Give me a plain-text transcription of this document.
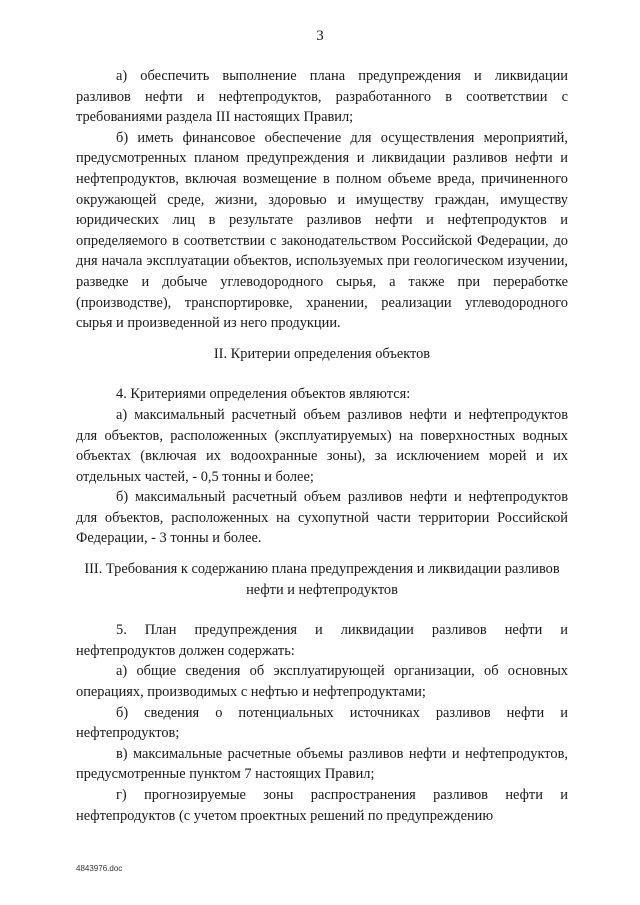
3

а) обеспечить выполнение плана предупреждения и ликвидации разливов нефти и нефтепродуктов, разработанного в соответствии с требованиями раздела III настоящих Правил;

б) иметь финансовое обеспечение для осуществления мероприятий, предусмотренных планом предупреждения и ликвидации разливов нефти и нефтепродуктов, включая возмещение в полном объеме вреда, причиненного окружающей среде, жизни, здоровью и имуществу граждан, имуществу юридических лиц в результате разливов нефти и нефтепродуктов и определяемого в соответствии с законодательством Российской Федерации, до дня начала эксплуатации объектов, используемых при геологическом изучении, разведке и добыче углеводородного сырья, а также при переработке (производстве), транспортировке, хранении, реализации углеводородного сырья и произведенной из него продукции.

II. Критерии определения объектов

4. Критериями определения объектов являются:

а) максимальный расчетный объем разливов нефти и нефтепродуктов для объектов, расположенных (эксплуатируемых) на поверхностных водных объектах (включая их водоохранные зоны), за исключением морей и их отдельных частей, - 0,5 тонны и более;

б) максимальный расчетный объем разливов нефти и нефтепродуктов для объектов, расположенных на сухопутной части территории Российской Федерации, - 3 тонны и более.

III. Требования к содержанию плана предупреждения и ликвидации разливов нефти и нефтепродуктов

5. План предупреждения и ликвидации разливов нефти и нефтепродуктов должен содержать:

а) общие сведения об эксплуатирующей организации, об основных операциях, производимых с нефтью и нефтепродуктами;

б) сведения о потенциальных источниках разливов нефти и нефтепродуктов;

в) максимальные расчетные объемы разливов нефти и нефтепродуктов, предусмотренные пунктом 7 настоящих Правил;

г) прогнозируемые зоны распространения разливов нефти и нефтепродуктов (с учетом проектных решений по предупреждению

4843976.doc
